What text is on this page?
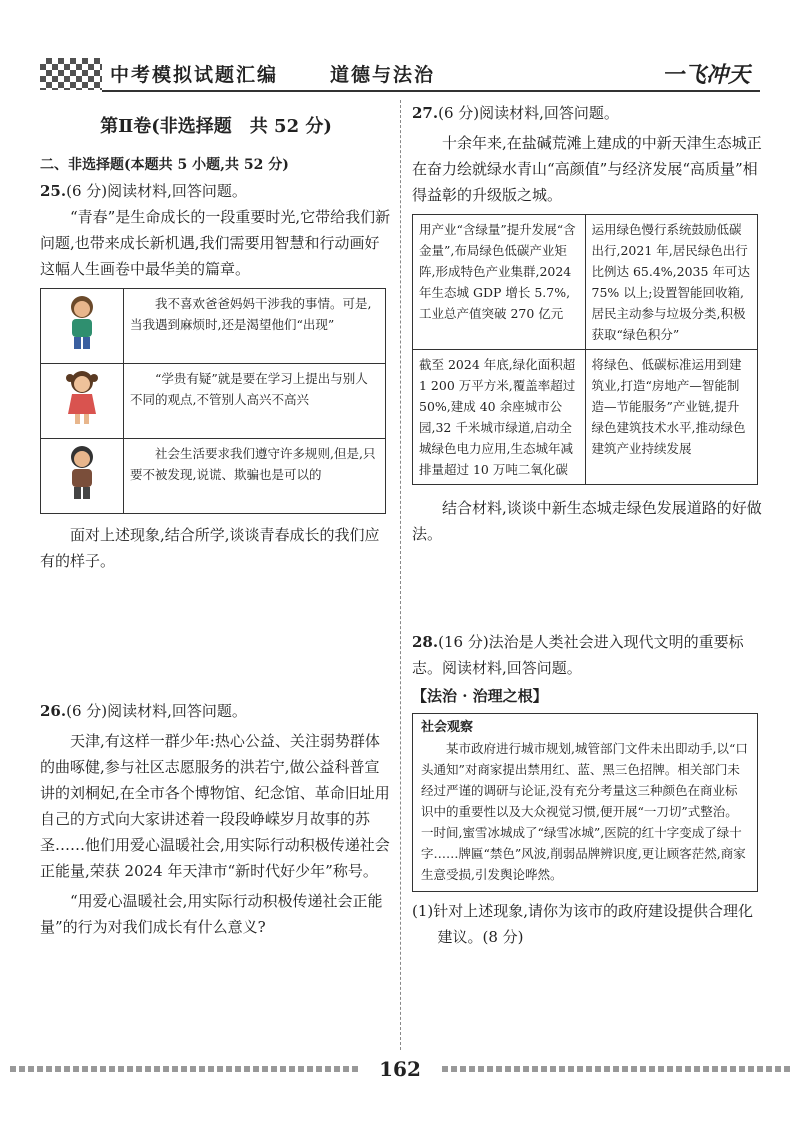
中考模拟试题汇编	道德与法治	一飞冲天
第Ⅱ卷(非选择题　共 52 分)
二、非选择题(本题共 5 小题,共 52 分)
25.(6 分)阅读材料,回答问题。

“青春”是生命成长的一段重要时光,它带给我们新问题,也带来成长新机遇,我们需要用智慧和行动画好这幅人生画卷中最华美的篇章。

	我不喜欢爸爸妈妈干涉我的事情。可是,当我遇到麻烦时,还是渴望他们“出现”
	“学贵有疑”就是要在学习上提出与别人不同的观点,不管别人高兴不高兴
	社会生活要求我们遵守许多规则,但是,只要不被发现,说谎、欺骗也是可以的

面对上述现象,结合所学,谈谈青春成长的我们应有的样子。

26.(6 分)阅读材料,回答问题。

天津,有这样一群少年:热心公益、关注弱势群体的曲啄健,参与社区志愿服务的洪若宁,做公益科普宣讲的刘桐妃,在全市各个博物馆、纪念馆、革命旧址用自己的方式向大家讲述着一段段峥嵘岁月故事的苏圣……他们用爱心温暖社会,用实际行动积极传递社会正能量,荣获 2024 年天津市“新时代好少年”称号。

“用爱心温暖社会,用实际行动积极传递社会正能量”的行为对我们成长有什么意义?

27.(6 分)阅读材料,回答问题。

十余年来,在盐碱荒滩上建成的中新天津生态城正在奋力绘就绿水青山“高颜值”与经济发展“高质量”相得益彰的升级版之城。

用产业“含绿量”提升发展“含金量”,布局绿色低碳产业矩阵,形成特色产业集群,2024 年生态城 GDP 增长 5.7%,工业总产值突破 270 亿元	运用绿色慢行系统鼓励低碳出行,2021 年,居民绿色出行比例达 65.4%,2035 年可达 75% 以上;设置智能回收箱,居民主动参与垃圾分类,积极获取“绿色积分”
截至 2024 年底,绿化面积超 1 200 万平方米,覆盖率超过 50%,建成 40 余座城市公园,32 千米城市绿道,启动全城绿色电力应用,生态城年减排量超过 10 万吨二氧化碳	将绿色、低碳标准运用到建筑业,打造“房地产—智能制造—节能服务”产业链,提升绿色建筑技术水平,推动绿色建筑产业持续发展

结合材料,谈谈中新生态城走绿色发展道路的好做法。

28.(16 分)法治是人类社会进入现代文明的重要标志。阅读材料,回答问题。
【法治 · 治理之根】
社会观察
某市政府进行城市规划,城管部门文件未出即动手,以“口头通知”对商家提出禁用红、蓝、黑三色招牌。相关部门未经过严谨的调研与论证,没有充分考量这三种颜色在商业标识中的重要性以及大众视觉习惯,便开展“一刀切”式整治。一时间,蜜雪冰城成了“绿雪冰城”,医院的红十字变成了绿十字……牌匾“禁色”风波,削弱品牌辨识度,更让顾客茫然,商家生意受损,引发舆论哗然。

(1)针对上述现象,请你为该市的政府建设提供合理化建议。(8 分)

162
